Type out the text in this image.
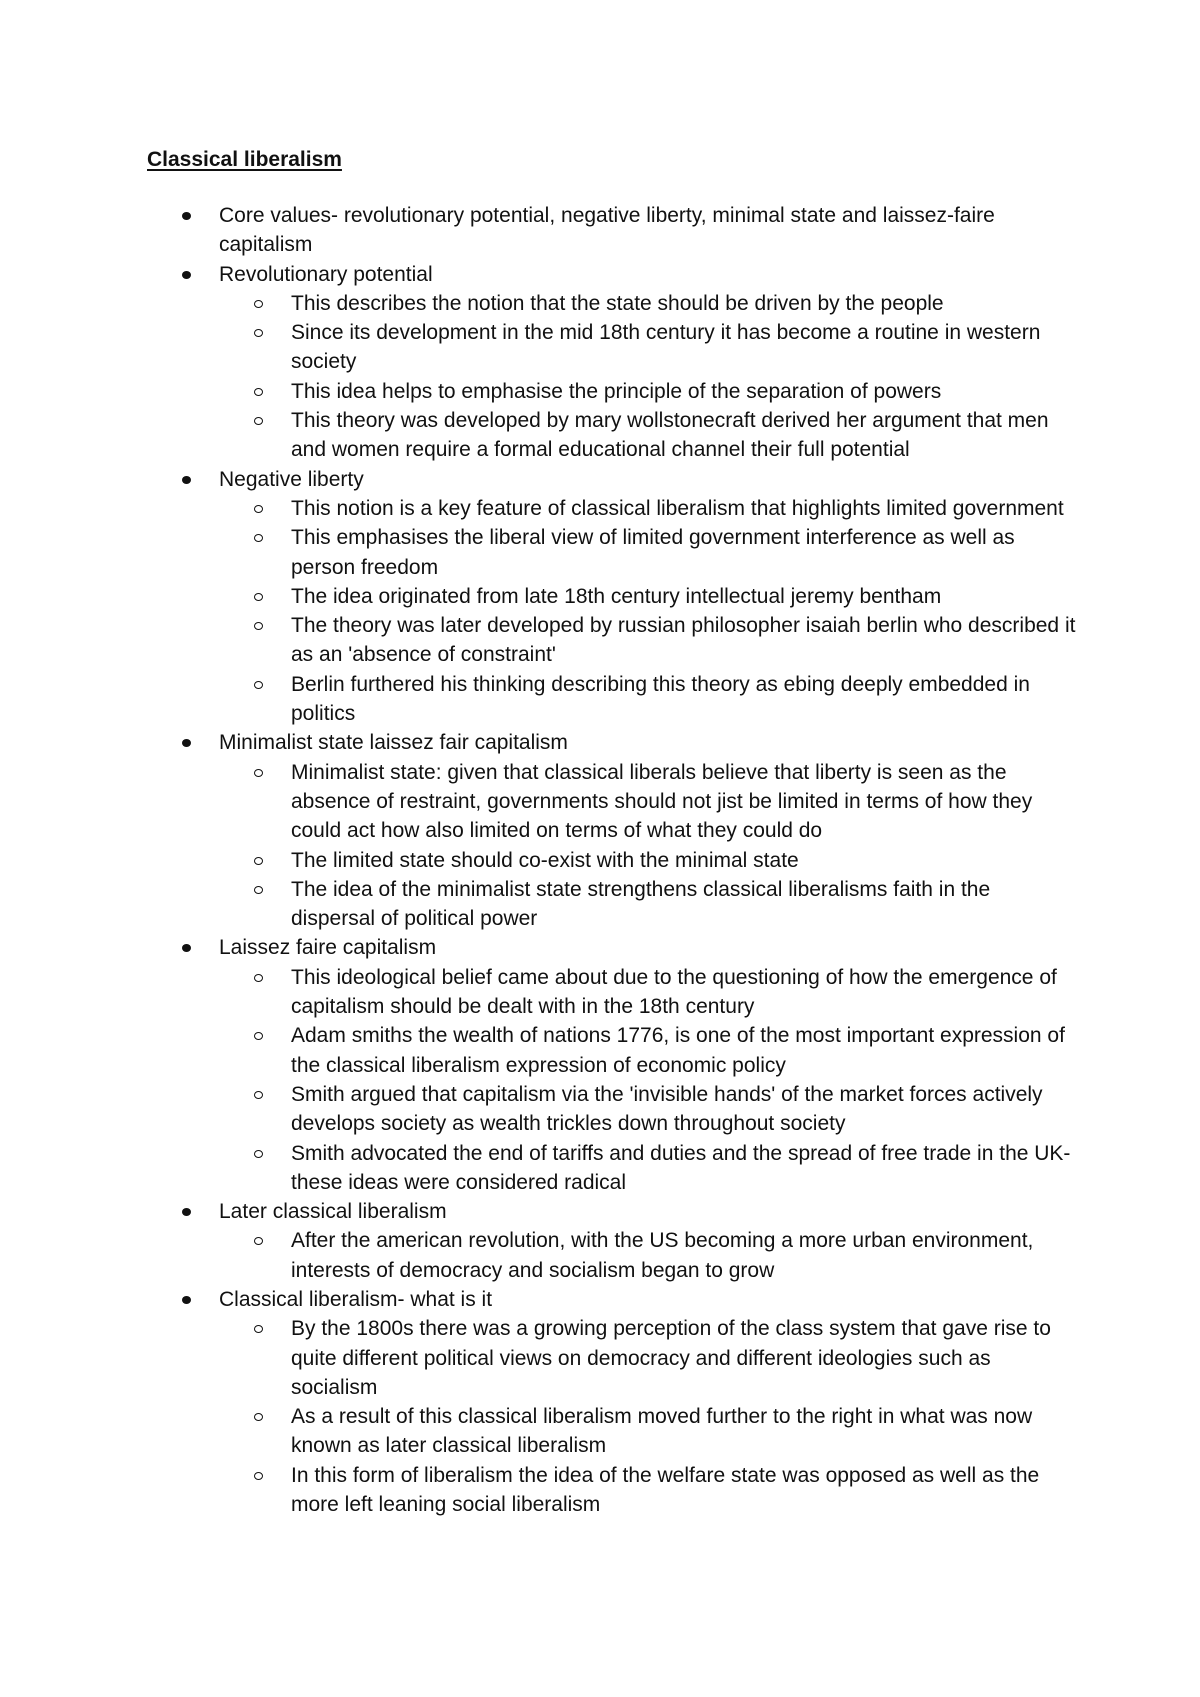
Classical liberalism
Core values- revolutionary potential, negative liberty, minimal state and laissez-faire capitalism
Revolutionary potential
This describes the notion that the state should be driven by the people
Since its development in the mid 18th century it has become a routine in western society
This idea helps to emphasise the principle of the separation of powers
This theory was developed by mary wollstonecraft derived her argument that men and women require a formal educational channel their full potential
Negative liberty
This notion is a key feature of classical liberalism that highlights limited government
This emphasises the liberal view of limited government interference as well as person freedom
The idea originated from late 18th century intellectual jeremy bentham
The theory was later developed by russian philosopher isaiah berlin who described it as an 'absence of constraint'
Berlin furthered his thinking describing this theory as ebing deeply embedded in politics
Minimalist state laissez fair capitalism
Minimalist state: given that classical liberals believe that liberty is seen as the absence of restraint, governments should not jist be limited in terms of how they could act how also limited on terms of what they could do
The limited state should co-exist with the minimal state
The idea of the minimalist state strengthens classical liberalisms faith in the dispersal of political power
Laissez faire capitalism
This ideological belief came about due to the questioning of how the emergence of capitalism should be dealt with in the 18th century
Adam smiths the wealth of nations 1776, is one of the most important expression of the classical liberalism expression of economic policy
Smith argued that capitalism via the 'invisible hands' of the market forces actively develops society as wealth trickles down throughout society
Smith advocated the end of tariffs and duties and the spread of free trade in the UK- these ideas were considered radical
Later classical liberalism
After the american revolution, with the US becoming a more urban environment, interests of democracy and socialism began to grow
Classical liberalism- what is it
By the 1800s there was a growing perception of the class system that gave rise to quite different political views on democracy and different ideologies such as socialism
As a result of this classical liberalism moved further to the right in what was now known as later classical liberalism
In this form of liberalism the idea of the welfare state was opposed as well as the more left leaning social liberalism
